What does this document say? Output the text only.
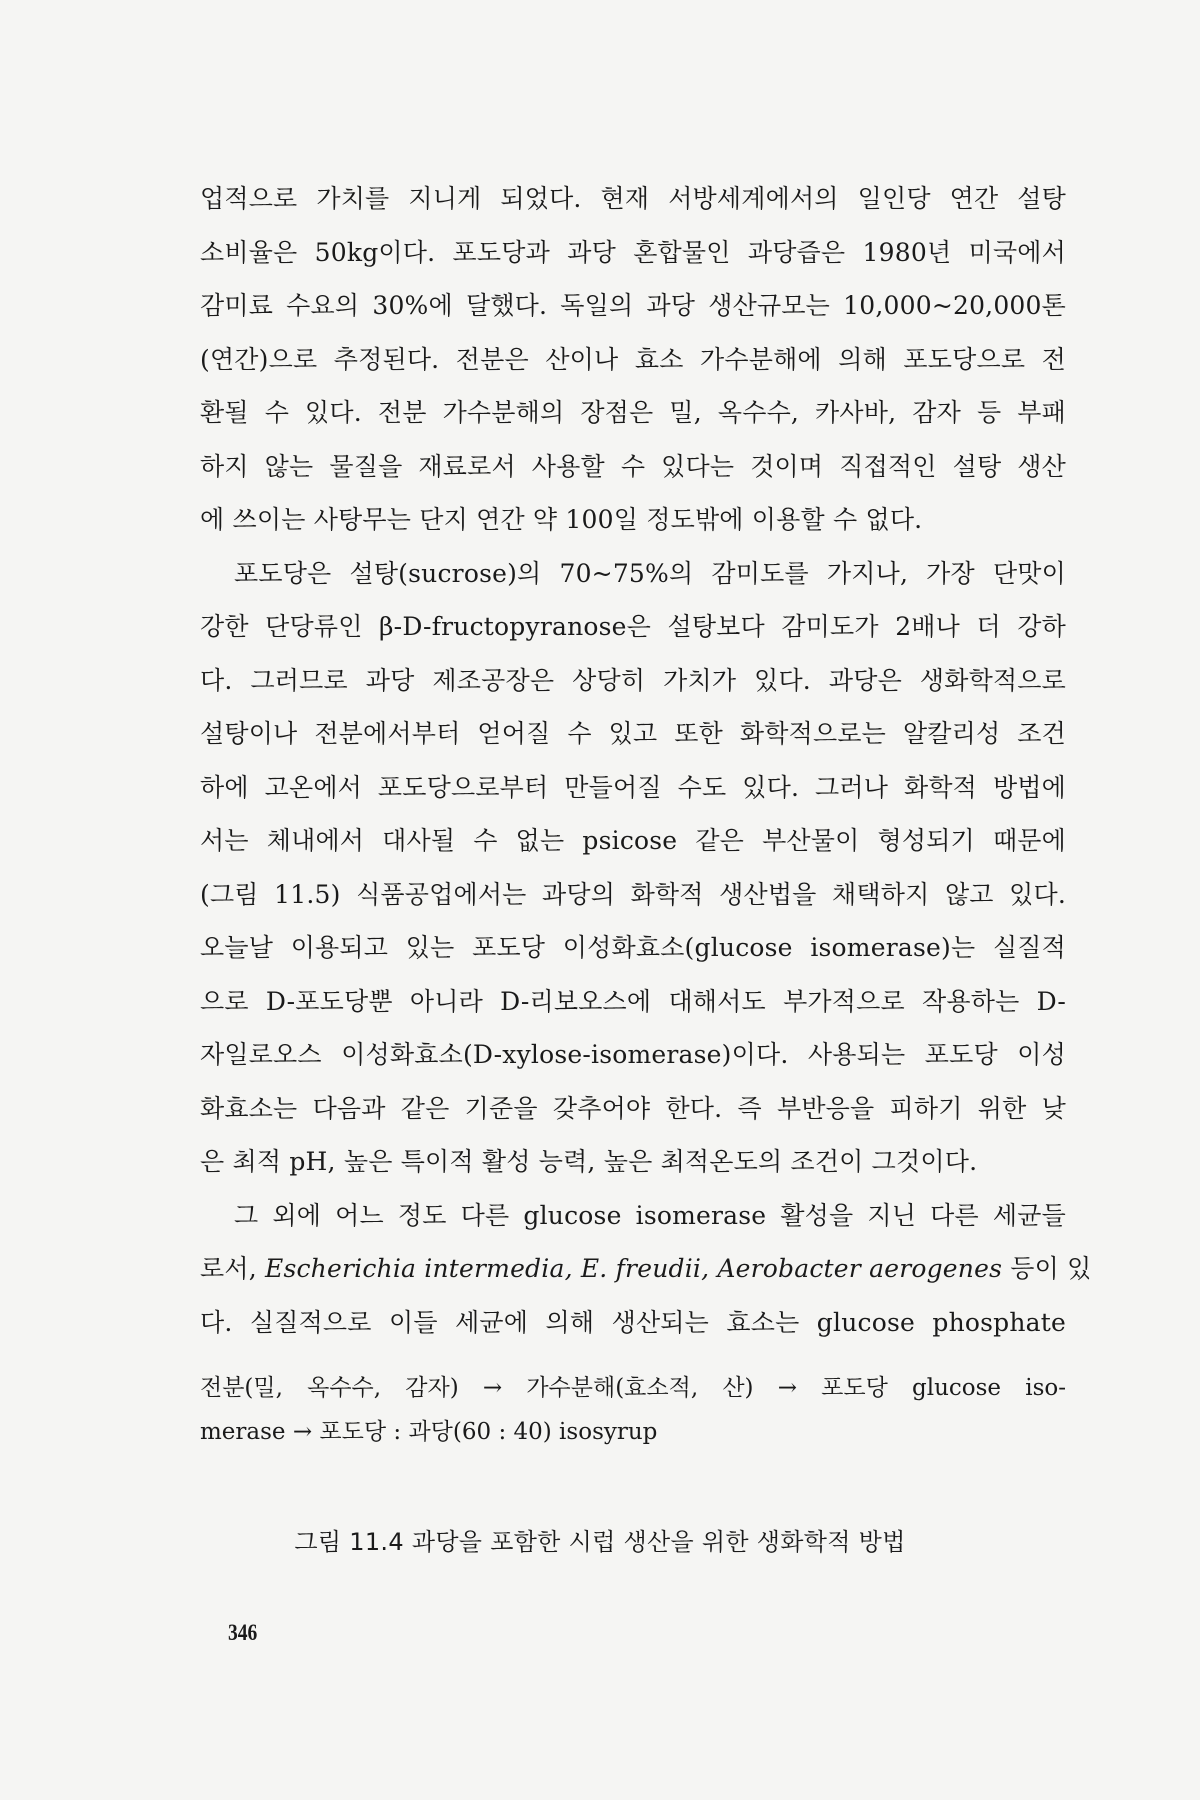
업적으로 가치를 지니게 되었다. 현재 서방세계에서의 일인당 연간 설탕
소비율은 50kg이다. 포도당과 과당 혼합물인 과당즙은 1980년 미국에서
감미료 수요의 30%에 달했다. 독일의 과당 생산규모는 10,000~20,000톤
(연간)으로 추정된다. 전분은 산이나 효소 가수분해에 의해 포도당으로 전
환될 수 있다. 전분 가수분해의 장점은 밀, 옥수수, 카사바, 감자 등 부패
하지 않는 물질을 재료로서 사용할 수 있다는 것이며 직접적인 설탕 생산
에 쓰이는 사탕무는 단지 연간 약 100일 정도밖에 이용할 수 없다.
포도당은 설탕(sucrose)의 70~75%의 감미도를 가지나, 가장 단맛이
강한 단당류인 β-D-fructopyranose은 설탕보다 감미도가 2배나 더 강하
다. 그러므로 과당 제조공장은 상당히 가치가 있다. 과당은 생화학적으로
설탕이나 전분에서부터 얻어질 수 있고 또한 화학적으로는 알칼리성 조건
하에 고온에서 포도당으로부터 만들어질 수도 있다. 그러나 화학적 방법에
서는 체내에서 대사될 수 없는 psicose 같은 부산물이 형성되기 때문에
(그림 11.5) 식품공업에서는 과당의 화학적 생산법을 채택하지 않고 있다.
오늘날 이용되고 있는 포도당 이성화효소(glucose isomerase)는 실질적
으로 D-포도당뿐 아니라 D-리보오스에 대해서도 부가적으로 작용하는 D-
자일로오스 이성화효소(D-xylose-isomerase)이다. 사용되는 포도당 이성
화효소는 다음과 같은 기준을 갖추어야 한다. 즉 부반응을 피하기 위한 낮
은 최적 pH, 높은 특이적 활성 능력, 높은 최적온도의 조건이 그것이다.
그 외에 어느 정도 다른 glucose isomerase 활성을 지닌 다른 세균들
로서, Escherichia intermedia, E. freudii, Aerobacter aerogenes 등이 있
다. 실질적으로 이들 세균에 의해 생산되는 효소는 glucose phosphate
전분(밀, 옥수수, 감자) → 가수분해(효소적, 산) → 포도당 glucose iso-
merase → 포도당 : 과당(60 : 40) isosyrup
그림 11.4 과당을 포함한 시럽 생산을 위한 생화학적 방법
346
